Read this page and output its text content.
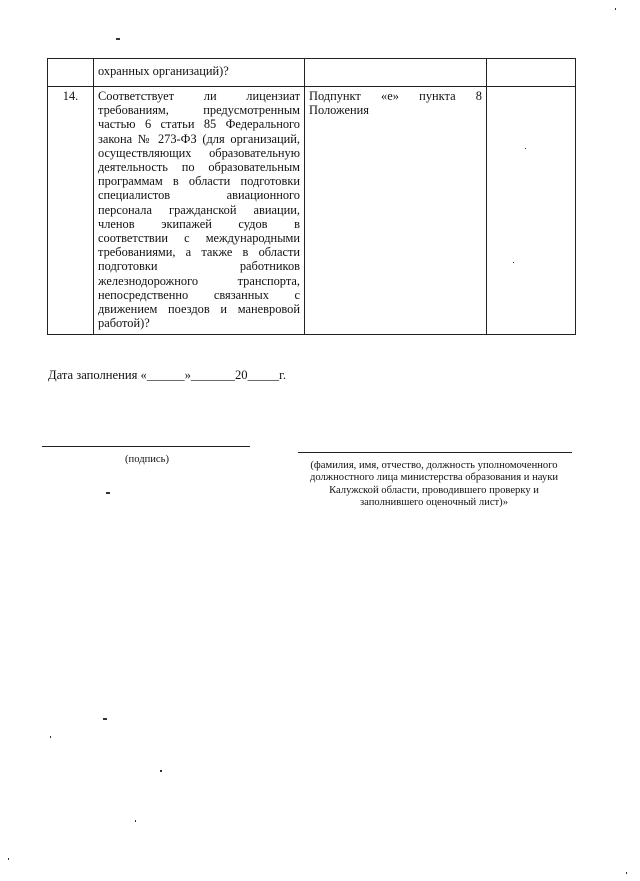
	охранных организаций)?		
14.	Соответствует ли лицензиат требованиям, предусмотренным частью 6 статьи 85 Федерального закона № 273-ФЗ (для организаций, осуществляющих образовательную деятельность по образовательным программам в области подготовки специалистов авиационного персонала гражданской авиации, членов экипажей судов в соответствии с международными требованиями, а также в области подготовки работников железнодорожного транспорта, непосредственно связанных с движением поездов и маневровой работой)?	Подпункт «е» пункта 8 Положения	
Дата заполнения «______»_______20_____г.
(подпись)
(фамилия, имя, отчество, должность уполномоченного должностного лица министерства образования и науки Калужской области, проводившего проверку и заполнившего оценочный лист)»
